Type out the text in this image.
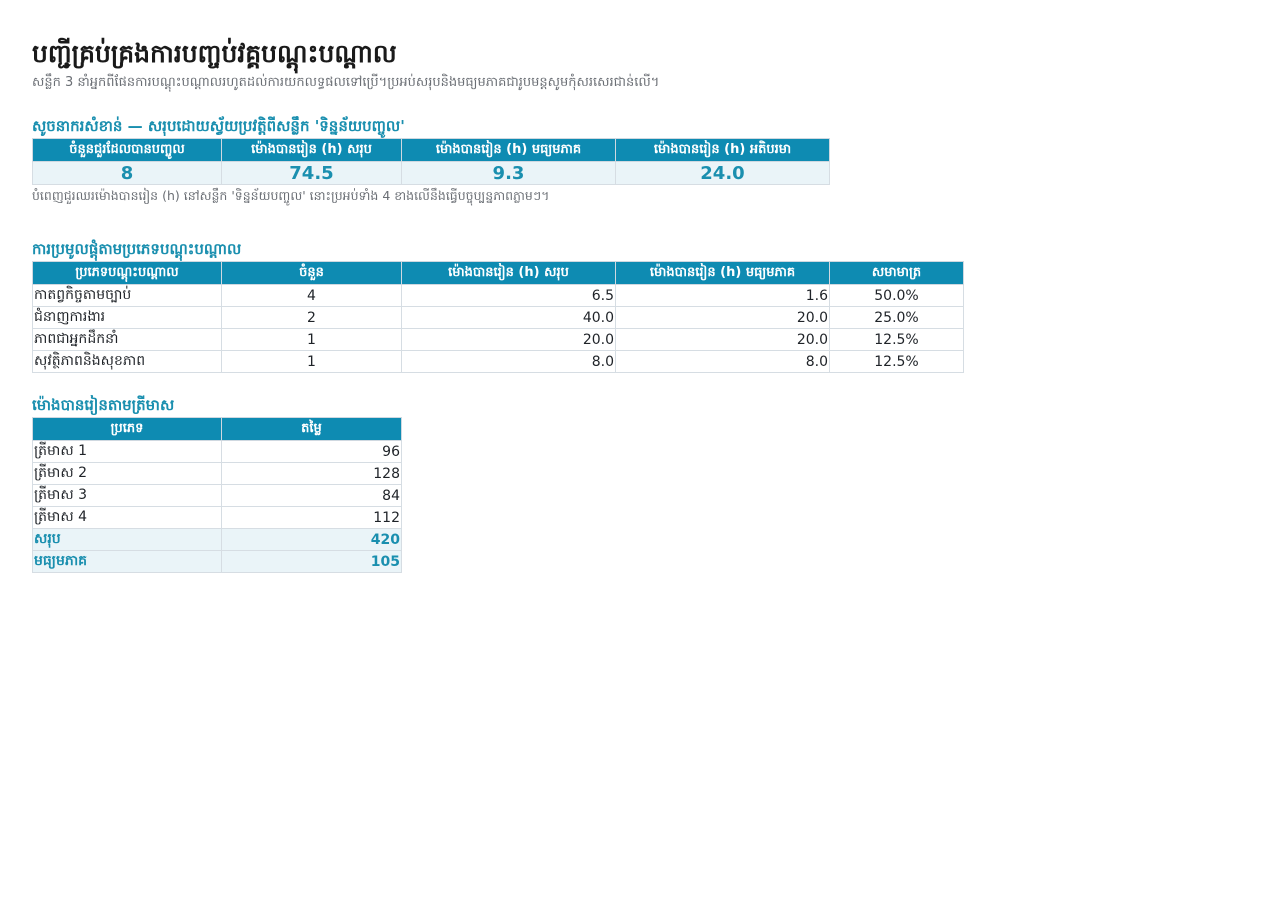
បញ្ជីគ្រប់គ្រងការបញ្ចប់វគ្គបណ្តុះបណ្តាល

សន្លឹក 3 នាំអ្នកពីផែនការបណ្តុះបណ្តាលរហូតដល់ការយកលទ្ធផលទៅប្រើ។ប្រអប់សរុបនិងមធ្យមភាគជារូបមន្តសូមកុំសរសេរជាន់លើ។

សូចនាករសំខាន់ — សរុបដោយស្វ័យប្រវត្តិពីសន្លឹក 'ទិន្នន័យបញ្ចូល'

ចំនួនជួរដែលបានបញ្ចូល	ម៉ោងបានរៀន (h) សរុប	ម៉ោងបានរៀន (h) មធ្យមភាគ	ម៉ោងបានរៀន (h) អតិបរមា
8	74.5	9.3	24.0

បំពេញជួរឈរម៉ោងបានរៀន (h) នៅសន្លឹក 'ទិន្នន័យបញ្ចូល' នោះប្រអប់ទាំង 4 ខាងលើនឹងធ្វើបច្ចុប្បន្នភាពភ្លាមៗ។

ការប្រមូលផ្តុំតាមប្រភេទបណ្តុះបណ្តាល

ប្រភេទបណ្តុះបណ្តាល	ចំនួន	ម៉ោងបានរៀន (h) សរុប	ម៉ោងបានរៀន (h) មធ្យមភាគ	សមាមាត្រ
កាតព្វកិច្ចតាមច្បាប់	4	6.5	1.6	50.0%
ជំនាញការងារ	2	40.0	20.0	25.0%
ភាពជាអ្នកដឹកនាំ	1	20.0	20.0	12.5%
សុវត្ថិភាពនិងសុខភាព	1	8.0	8.0	12.5%

ម៉ោងបានរៀនតាមត្រីមាស

ប្រភេទ	តម្លៃ
ត្រីមាស 1	96
ត្រីមាស 2	128
ត្រីមាស 3	84
ត្រីមាស 4	112
សរុប	420
មធ្យមភាគ	105
